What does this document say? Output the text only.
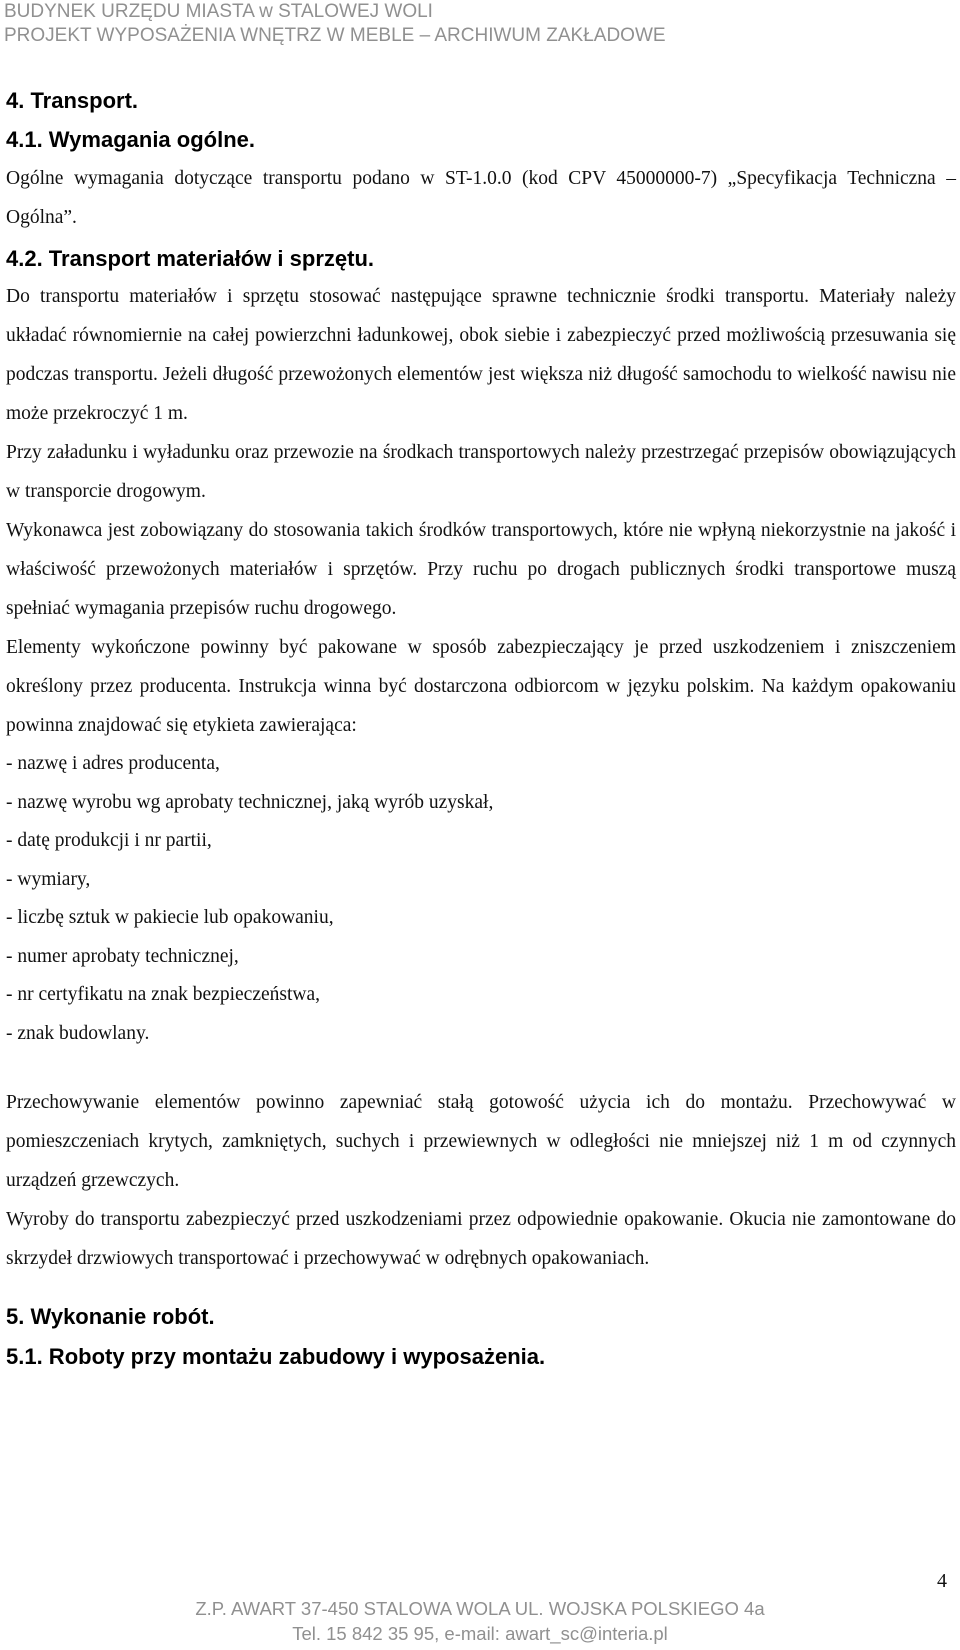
BUDYNEK URZĘDU MIASTA w STALOWEJ WOLI
PROJEKT WYPOSAŻENIA WNĘTRZ W MEBLE – ARCHIWUM ZAKŁADOWE
4. Transport.
4.1. Wymagania ogólne.

Ogólne wymagania dotyczące transportu podano w ST-1.0.0 (kod CPV 45000000-7) „Specyfikacja Techniczna – Ogólna”.

4.2. Transport materiałów i sprzętu.

Do transportu materiałów i sprzętu stosować następujące sprawne technicznie środki transportu. Materiały należy układać równomiernie na całej powierzchni ładunkowej, obok siebie i zabezpieczyć przed możliwością przesuwania się podczas transportu. Jeżeli długość przewożonych elementów jest większa niż długość samochodu to wielkość nawisu nie może przekroczyć 1 m.

Przy załadunku i wyładunku oraz przewozie na środkach transportowych należy przestrzegać przepisów obowiązujących w transporcie drogowym.

Wykonawca jest zobowiązany do stosowania takich środków transportowych, które nie wpłyną niekorzystnie na jakość i właściwość przewożonych materiałów i sprzętów. Przy ruchu po drogach publicznych środki transportowe muszą spełniać wymagania przepisów ruchu drogowego.

Elementy wykończone powinny być pakowane w sposób zabezpieczający je przed uszkodzeniem i zniszczeniem określony przez producenta. Instrukcja winna być dostarczona odbiorcom w języku polskim. Na każdym opakowaniu powinna znajdować się etykieta zawierająca:

- nazwę i adres producenta,

- nazwę wyrobu wg aprobaty technicznej, jaką wyrób uzyskał,

- datę produkcji i nr partii,

- wymiary,

- liczbę sztuk w pakiecie lub opakowaniu,

- numer aprobaty technicznej,

- nr certyfikatu na znak bezpieczeństwa,

- znak budowlany.

Przechowywanie elementów powinno zapewniać stałą gotowość użycia ich do montażu. Przechowywać w pomieszczeniach krytych, zamkniętych, suchych i przewiewnych w odległości nie mniejszej niż 1 m od czynnych urządzeń grzewczych.

Wyroby do transportu zabezpieczyć przed uszkodzeniami przez odpowiednie opakowanie. Okucia nie zamontowane do skrzydeł drzwiowych transportować i przechowywać w odrębnych opakowaniach.

5. Wykonanie robót.
5.1. Roboty przy montażu zabudowy i wyposażenia.
4
Z.P. AWART 37-450 STALOWA WOLA UL. WOJSKA POLSKIEGO 4a
Tel. 15 842 35 95, e-mail: awart_sc@interia.pl
